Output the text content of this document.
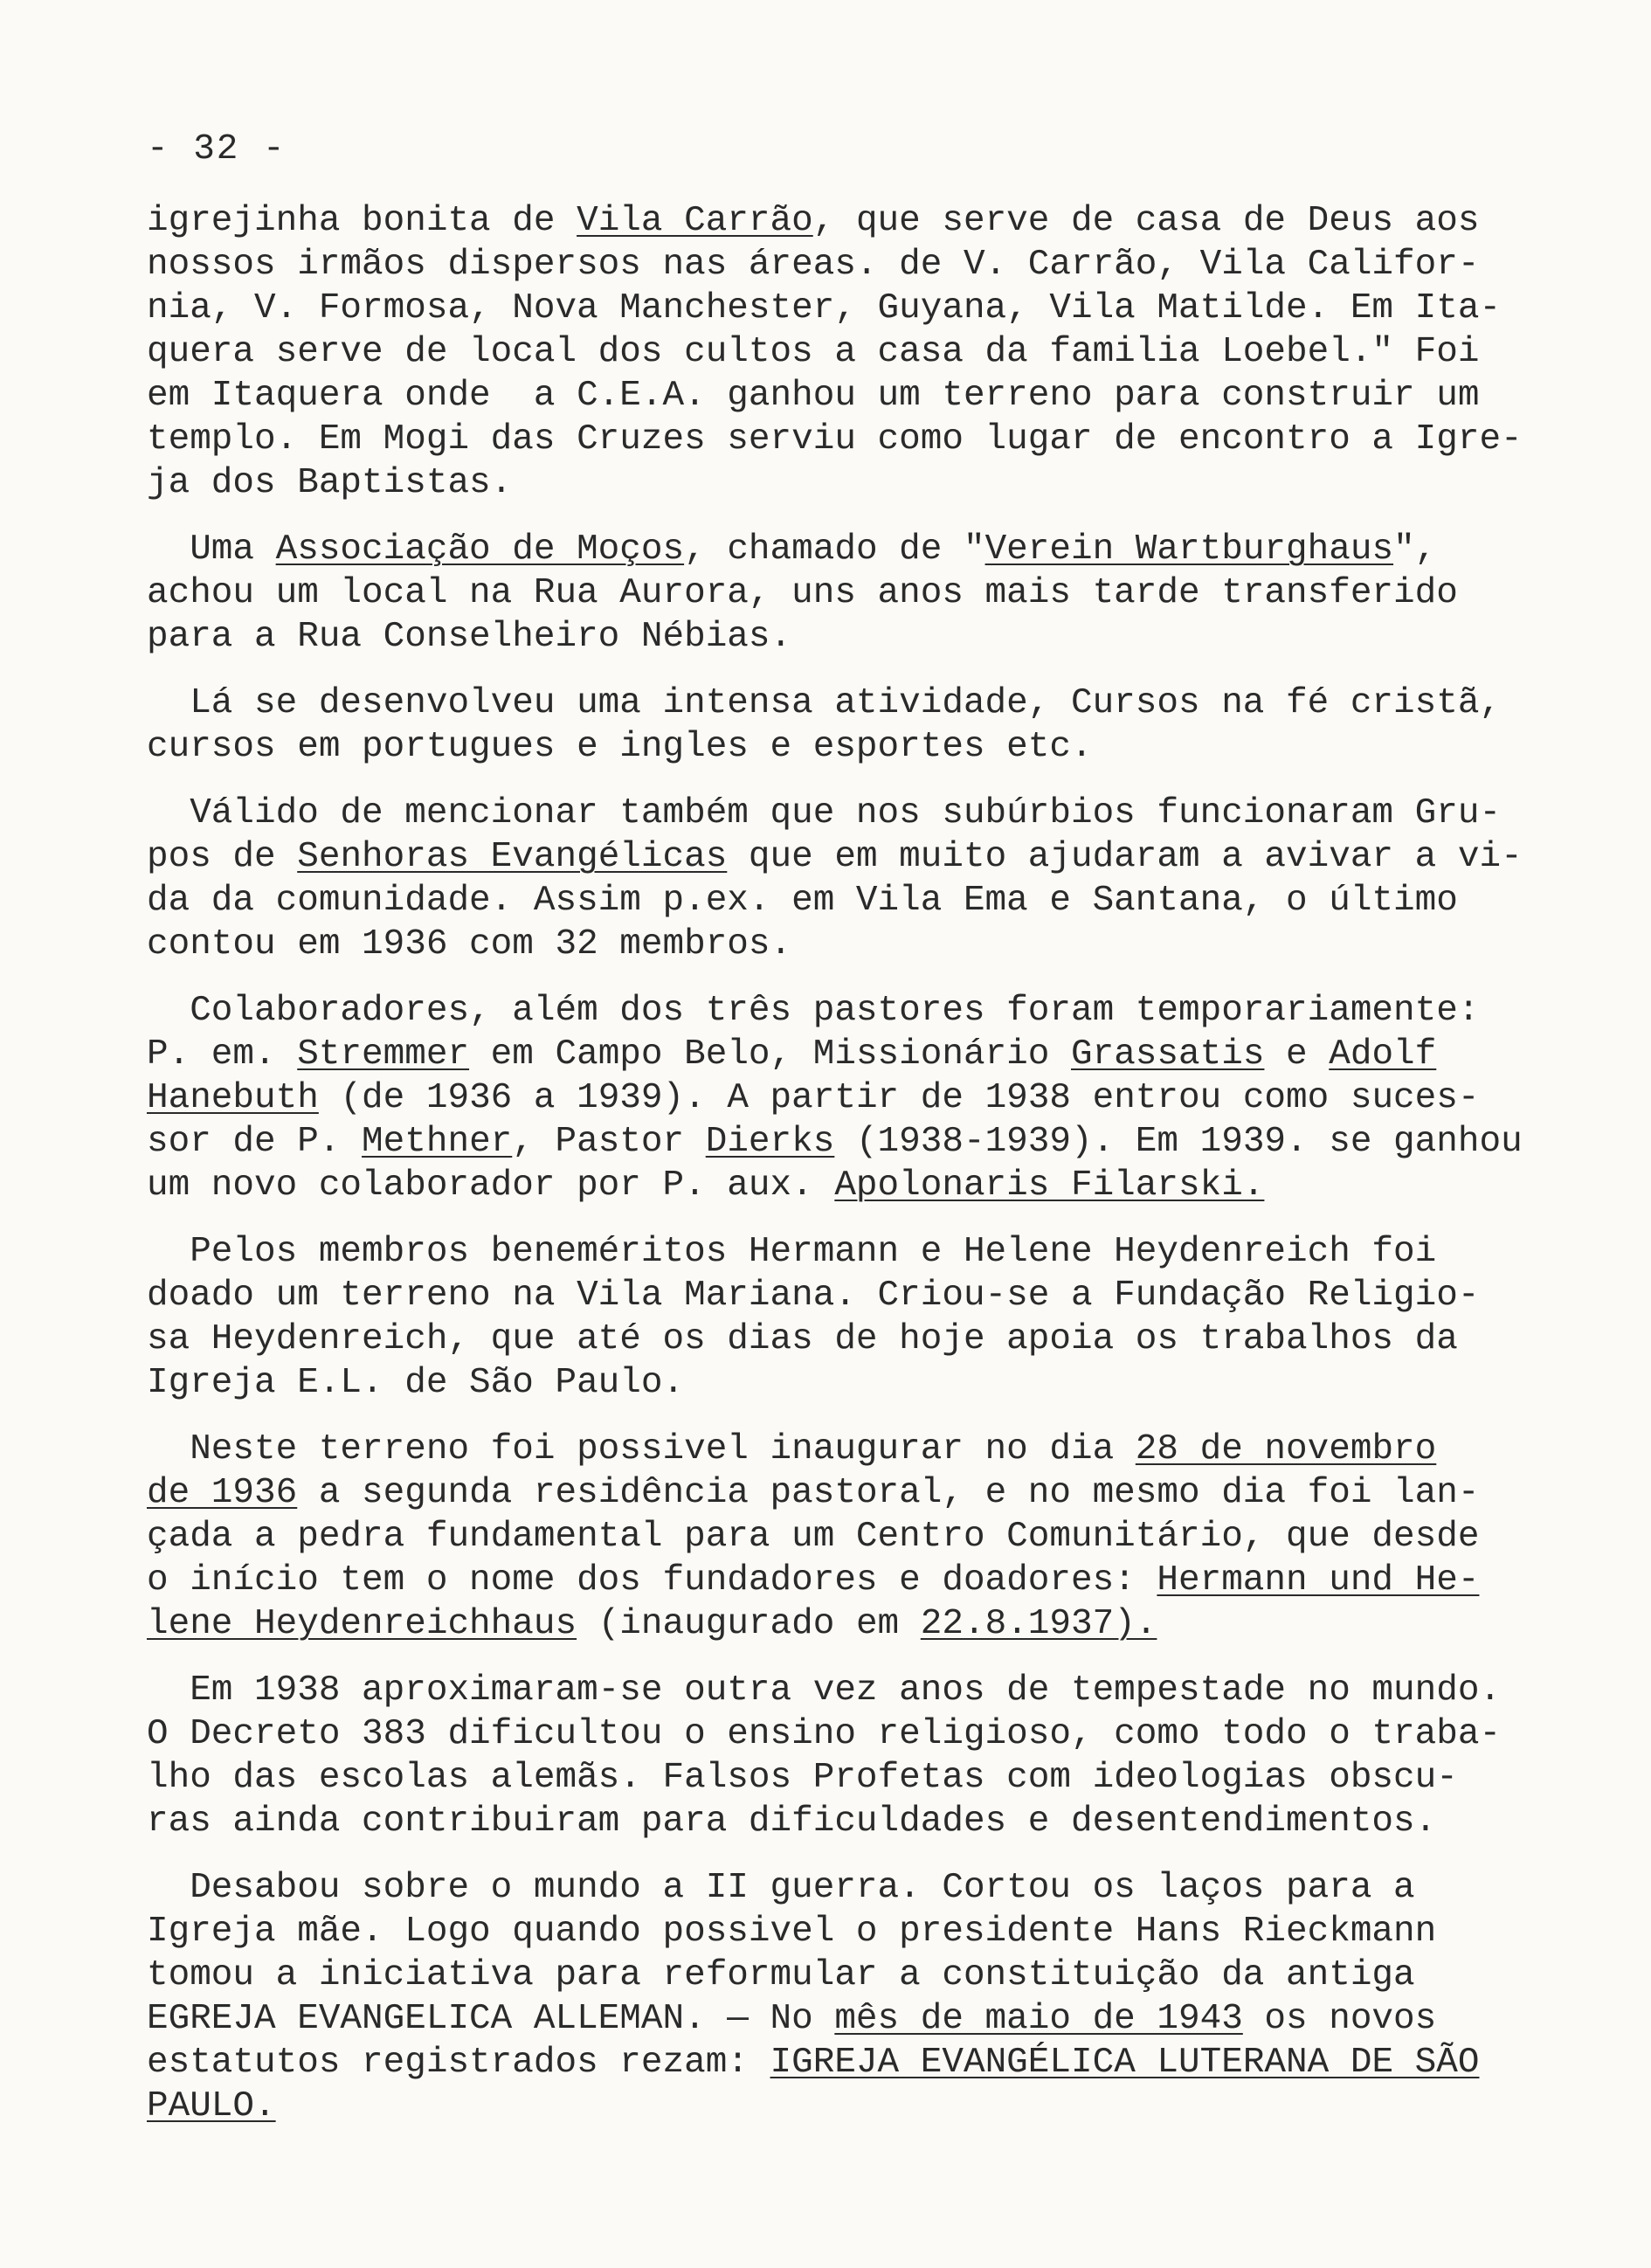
- 32 -
igrejinha bonita de Vila Carrão, que serve de casa de Deus aos
nossos irmãos dispersos nas áreas. de V. Carrão, Vila Califor-
nia, V. Formosa, Nova Manchester, Guyana, Vila Matilde. Em Ita-
quera serve de local dos cultos a casa da familia Loebel." Foi
em Itaquera onde  a C.E.A. ganhou um terreno para construir um
templo. Em Mogi das Cruzes serviu como lugar de encontro a Igre-
ja dos Baptistas.
Uma Associação de Moços, chamado de "Verein Wartburghaus",
achou um local na Rua Aurora, uns anos mais tarde transferido
para a Rua Conselheiro Nébias.
Lá se desenvolveu uma intensa atividade, Cursos na fé cristã,
cursos em portugues e ingles e esportes etc.
Válido de mencionar também que nos subúrbios funcionaram Gru-
pos de Senhoras Evangélicas que em muito ajudaram a avivar a vi-
da da comunidade. Assim p.ex. em Vila Ema e Santana, o último
contou em 1936 com 32 membros.
Colaboradores, além dos três pastores foram temporariamente:
P. em. Stremmer em Campo Belo, Missionário Grassatis e Adolf
Hanebuth (de 1936 a 1939). A partir de 1938 entrou como suces-
sor de P. Methner, Pastor Dierks (1938-1939). Em 1939. se ganhou
um novo colaborador por P. aux. Apolonaris Filarski.
Pelos membros beneméritos Hermann e Helene Heydenreich foi
doado um terreno na Vila Mariana. Criou-se a Fundação Religio-
sa Heydenreich, que até os dias de hoje apoia os trabalhos da
Igreja E.L. de São Paulo.
Neste terreno foi possivel inaugurar no dia 28 de novembro
de 1936 a segunda residência pastoral, e no mesmo dia foi lan-
çada a pedra fundamental para um Centro Comunitário, que desde
o início tem o nome dos fundadores e doadores: Hermann und He-
lene Heydenreichhaus (inaugurado em 22.8.1937).
Em 1938 aproximaram-se outra vez anos de tempestade no mundo.
O Decreto 383 dificultou o ensino religioso, como todo o traba-
lho das escolas alemãs. Falsos Profetas com ideologias obscu-
ras ainda contribuiram para dificuldades e desentendimentos.
Desabou sobre o mundo a II guerra. Cortou os laços para a
Igreja mãe. Logo quando possivel o presidente Hans Rieckmann
tomou a iniciativa para reformular a constituição da antiga
EGREJA EVANGELICA ALLEMAN. — No mês de maio de 1943 os novos
estatutos registrados rezam: IGREJA EVANGÉLICA LUTERANA DE SÃO
PAULO.
